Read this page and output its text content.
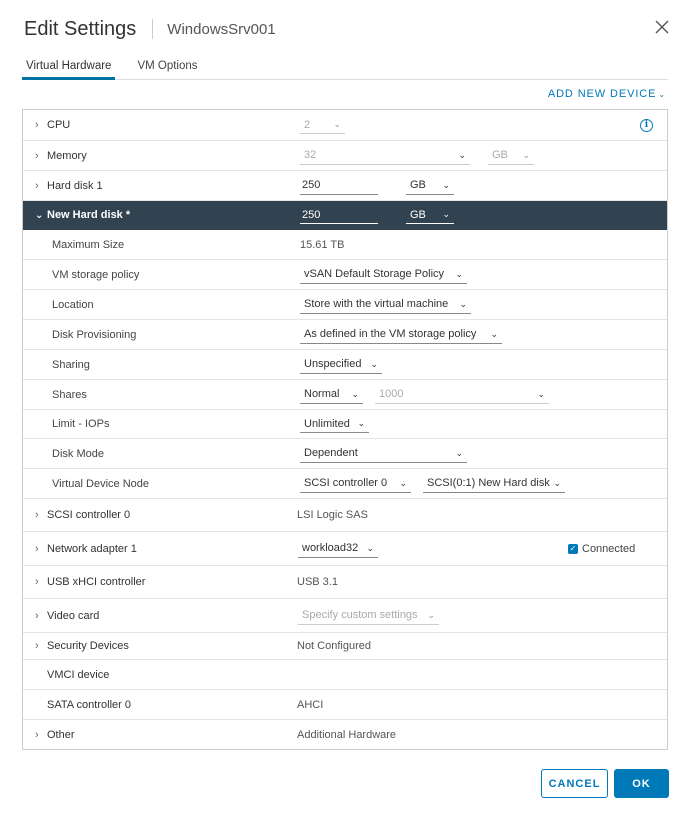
Edit Settings WindowsSrv001
Virtual Hardware	VM Options
ADD NEW DEVICE ⌄
› CPU	2	⌄	i
› Memory	32	⌄ GB ⌄
› Hard disk 1	250	GB ⌄
⌄ New Hard disk *	250	GB ⌄
Maximum Size	15.61 TB
VM storage policy	vSAN Default Storage Policy ⌄
Location	Store with the virtual machine ⌄
Disk Provisioning	As defined in the VM storage policy ⌄
Sharing	Unspecified ⌄
Shares	Normal ⌄ 1000	⌄
Limit - IOPs	Unlimited ⌄
Disk Mode	Dependent	⌄
Virtual Device Node	SCSI controller 0 ⌄ SCSI(0:1) New Hard disk ⌄
› SCSI controller 0	LSI Logic SAS
› Network adapter 1	workload32 ⌄	✓ Connected
› USB xHCI controller	USB 3.1
› Video card	Specify custom settings ⌄
› Security Devices	Not Configured
VMCI device
SATA controller 0	AHCI
› Other	Additional Hardware
CANCEL	OK
